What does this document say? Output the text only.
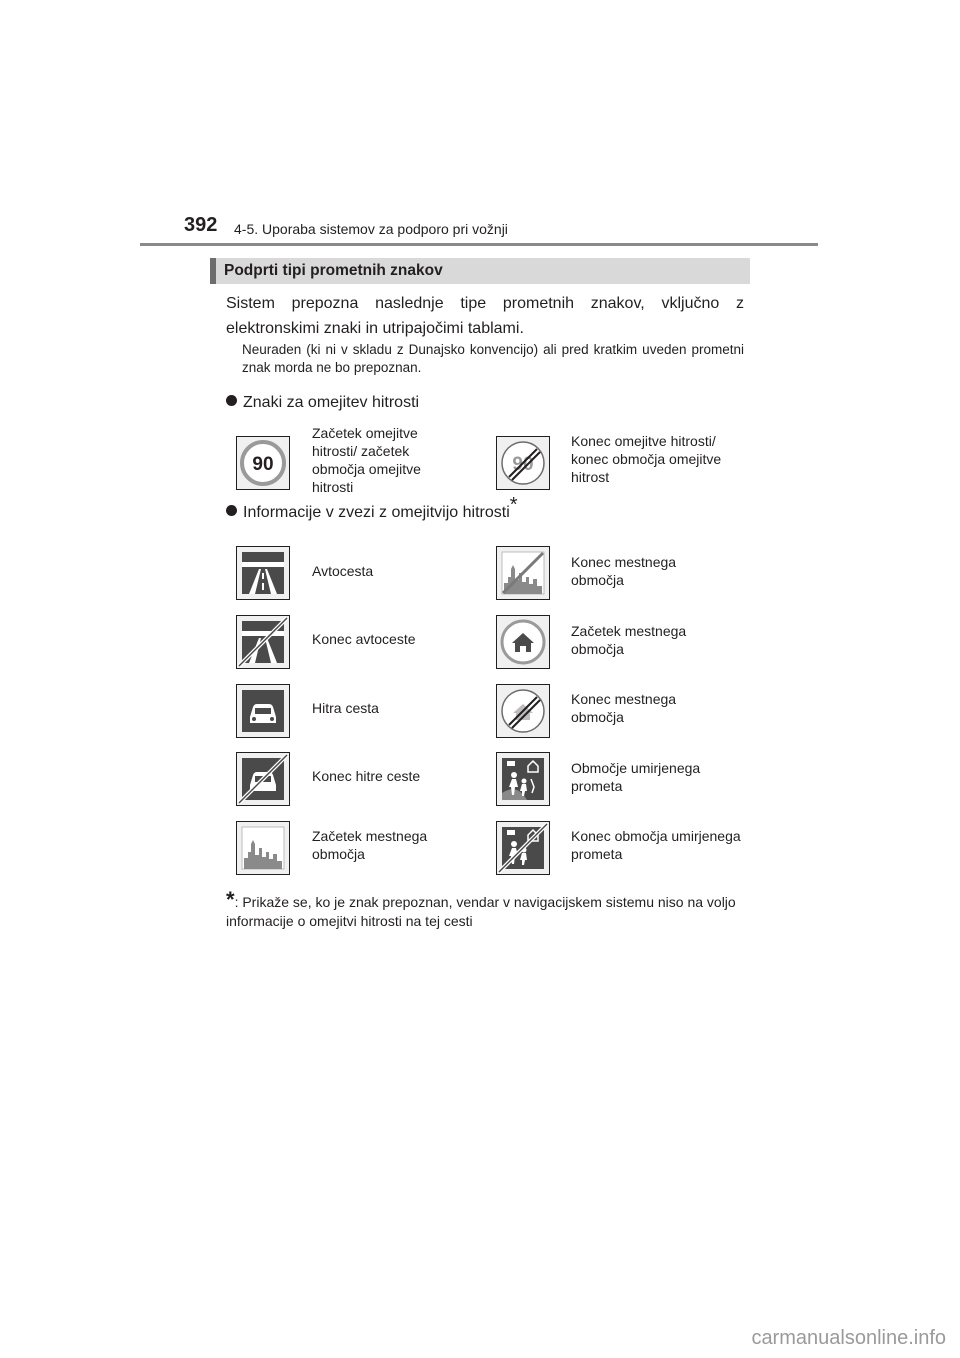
392 4-5. Uporaba sistemov za podporo pri vožnji
Podprti tipi prometnih znakov
Sistem prepozna naslednje tipe prometnih znakov, vključno z elektronskimi znaki in utripajočimi tablami.
Neuraden (ki ni v skladu z Dunajsko konvencijo) ali pred kratkim uveden prometni znak morda ne bo prepoznan.
Znaki za omejitev hitrosti
90
Začetek omejitve hitrosti/ začetek območja omejitve hitrosti
90
Konec omejitve hitrosti/ konec območja omejitve hitrost
Informacije v zvezi z omejitvijo hitrosti*
Avtocesta
Konec avtoceste
Hitra cesta
Konec hitre ceste
Začetek mestnega območja
Konec mestnega območja
Začetek mestnega območja
Konec mestnega območja
Območje umirjenega prometa
Konec območja umirjenega prometa
*: Prikaže se, ko je znak prepoznan, vendar v navigacijskem sistemu niso na voljo informacije o omejitvi hitrosti na tej cesti
carmanualsonline.info
